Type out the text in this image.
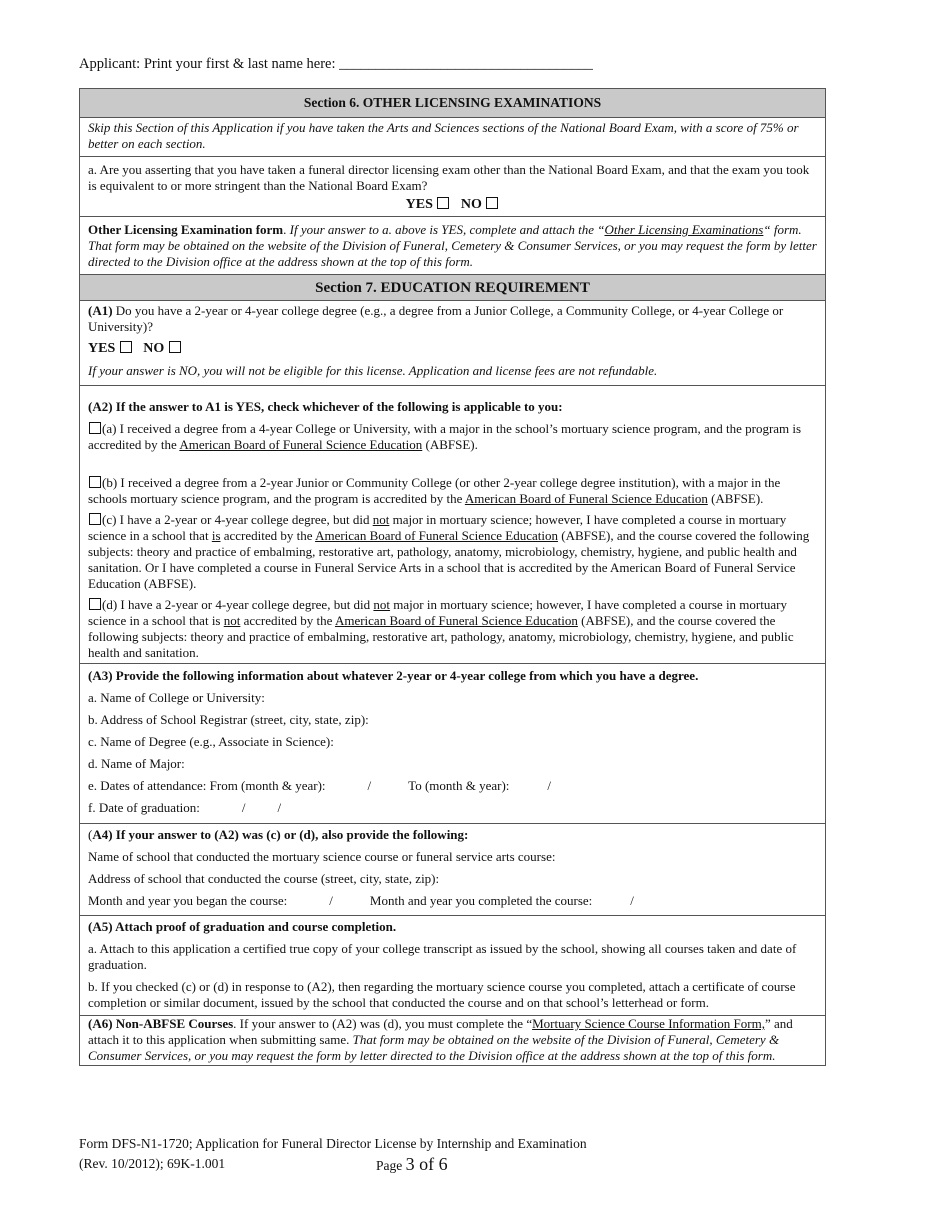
Applicant: Print your first & last name here: ___________________________________
Section 6. OTHER LICENSING EXAMINATIONS
Skip this Section of this Application if you have taken the Arts and Sciences sections of the National Board Exam, with a score of 75% or better on each section.

a. Are you asserting that you have taken a funeral director licensing exam other than the National Board Exam, and that the exam you took is equivalent to or more stringent than the National Board Exam?

YES NO
Other Licensing Examination form. If your answer to a. above is YES, complete and attach the “Other Licensing Examinations“ form. That form may be obtained on the website of the Division of Funeral, Cemetery & Consumer Services, or you may request the form by letter directed to the Division office at the address shown at the top of this form.
Section 7. EDUCATION REQUIREMENT

(A1) Do you have a 2-year or 4-year college degree (e.g., a degree from a Junior College, a Community College, or 4-year College or University)?

YES NO

If your answer is NO, you will not be eligible for this license. Application and license fees are not refundable.

(A2) If the answer to A1 is YES, check whichever of the following is applicable to you:

(a) I received a degree from a 4-year College or University, with a major in the school’s mortuary science program, and the program is accredited by the American Board of Funeral Science Education (ABFSE).

(b) I received a degree from a 2-year Junior or Community College (or other 2-year college degree institution), with a major in the schools mortuary science program, and the program is accredited by the American Board of Funeral Science Education (ABFSE).

(c) I have a 2-year or 4-year college degree, but did not major in mortuary science; however, I have completed a course in mortuary science in a school that is accredited by the American Board of Funeral Science Education (ABFSE), and the course covered the following subjects: theory and practice of embalming, restorative art, pathology, anatomy, microbiology, chemistry, hygiene, and public health and sanitation. Or I have completed a course in Funeral Service Arts in a school that is accredited by the American Board of Funeral Service Education (ABFSE).

(d) I have a 2-year or 4-year college degree, but did not major in mortuary science; however, I have completed a course in mortuary science in a school that is not accredited by the American Board of Funeral Science Education (ABFSE), and the course covered the following subjects: theory and practice of embalming, restorative art, pathology, anatomy, microbiology, chemistry, hygiene, and public health and sanitation.

(A3) Provide the following information about whatever 2-year or 4-year college from which you have a degree.
a. Name of College or University:
b. Address of School Registrar (street, city, state, zip):
c. Name of Degree (e.g., Associate in Science):
d. Name of Major:
e. Dates of attendance: From (month & year):	/	To (month & year):	/
f. Date of graduation:	/ /
(A4) If your answer to (A2) was (c) or (d), also provide the following:
Name of school that conducted the mortuary science course or funeral service arts course:
Address of school that conducted the course (street, city, state, zip):
Month and year you began the course:	/	Month and year you completed the course:	/
(A5) Attach proof of graduation and course completion.

a. Attach to this application a certified true copy of your college transcript as issued by the school, showing all courses taken and date of graduation.

b. If you checked (c) or (d) in response to (A2), then regarding the mortuary science course you completed, attach a certificate of course completion or similar document, issued by the school that conducted the course and on that school’s letterhead or form.

(A6) Non-ABFSE Courses. If your answer to (A2) was (d), you must complete the “Mortuary Science Course Information Form,” and attach it to this application when submitting same. That form may be obtained on the website of the Division of Funeral, Cemetery & Consumer Services, or you may request the form by letter directed to the Division office at the address shown at the top of this form.
Form DFS-N1-1720; Application for Funeral Director License by Internship and Examination
(Rev. 10/2012); 69K-1.001	Page 3 of 6
